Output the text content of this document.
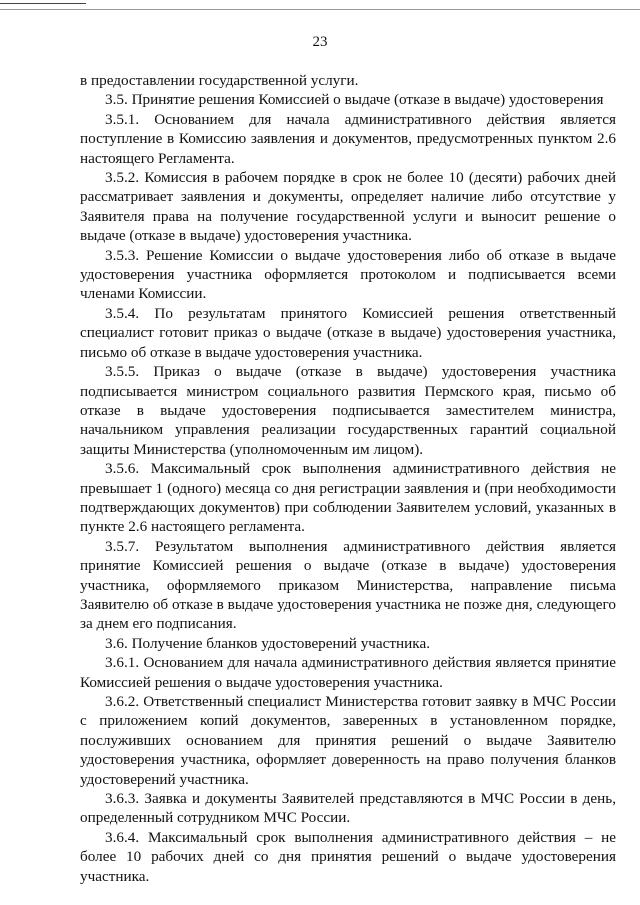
23

в предоставлении государственной услуги.

3.5. Принятие решения Комиссией о выдаче (отказе в выдаче) удостоверения

3.5.1. Основанием для начала административного действия является поступление в Комиссию заявления и документов, предусмотренных пунктом 2.6 настоящего Регламента.

3.5.2. Комиссия в рабочем порядке в срок не более 10 (десяти) рабочих дней рассматривает заявления и документы, определяет наличие либо отсутствие у Заявителя права на получение государственной услуги и выносит решение о выдаче (отказе в выдаче) удостоверения участника.

3.5.3. Решение Комиссии о выдаче удостоверения либо об отказе в выдаче удостоверения участника оформляется протоколом и подписывается всеми членами Комиссии.

3.5.4. По результатам принятого Комиссией решения ответственный специалист готовит приказ о выдаче (отказе в выдаче) удостоверения участника, письмо об отказе в выдаче удостоверения участника.

3.5.5. Приказ о выдаче (отказе в выдаче) удостоверения участника подписывается министром социального развития Пермского края, письмо об отказе в выдаче удостоверения подписывается заместителем министра, начальником управления реализации государственных гарантий социальной защиты Министерства (уполномоченным им лицом).

3.5.6. Максимальный срок выполнения административного действия не превышает 1 (одного) месяца со дня регистрации заявления и (при необходимости подтверждающих документов) при соблюдении Заявителем условий, указанных в пункте 2.6 настоящего регламента.

3.5.7. Результатом выполнения административного действия является принятие Комиссией решения о выдаче (отказе в выдаче) удостоверения участника, оформляемого приказом Министерства, направление письма Заявителю об отказе в выдаче удостоверения участника не позже дня, следующего за днем его подписания.

3.6. Получение бланков удостоверений участника.

3.6.1. Основанием для начала административного действия является принятие Комиссией решения о выдаче удостоверения участника.

3.6.2. Ответственный специалист Министерства готовит заявку в МЧС России с приложением копий документов, заверенных в установленном порядке, послуживших основанием для принятия решений о выдаче Заявителю удостоверения участника, оформляет доверенность на право получения бланков удостоверений участника.

3.6.3. Заявка и документы Заявителей представляются в МЧС России в день, определенный сотрудником МЧС России.

3.6.4. Максимальный срок выполнения административного действия – не более 10 рабочих дней со дня принятия решений о выдаче удостоверения участника.
